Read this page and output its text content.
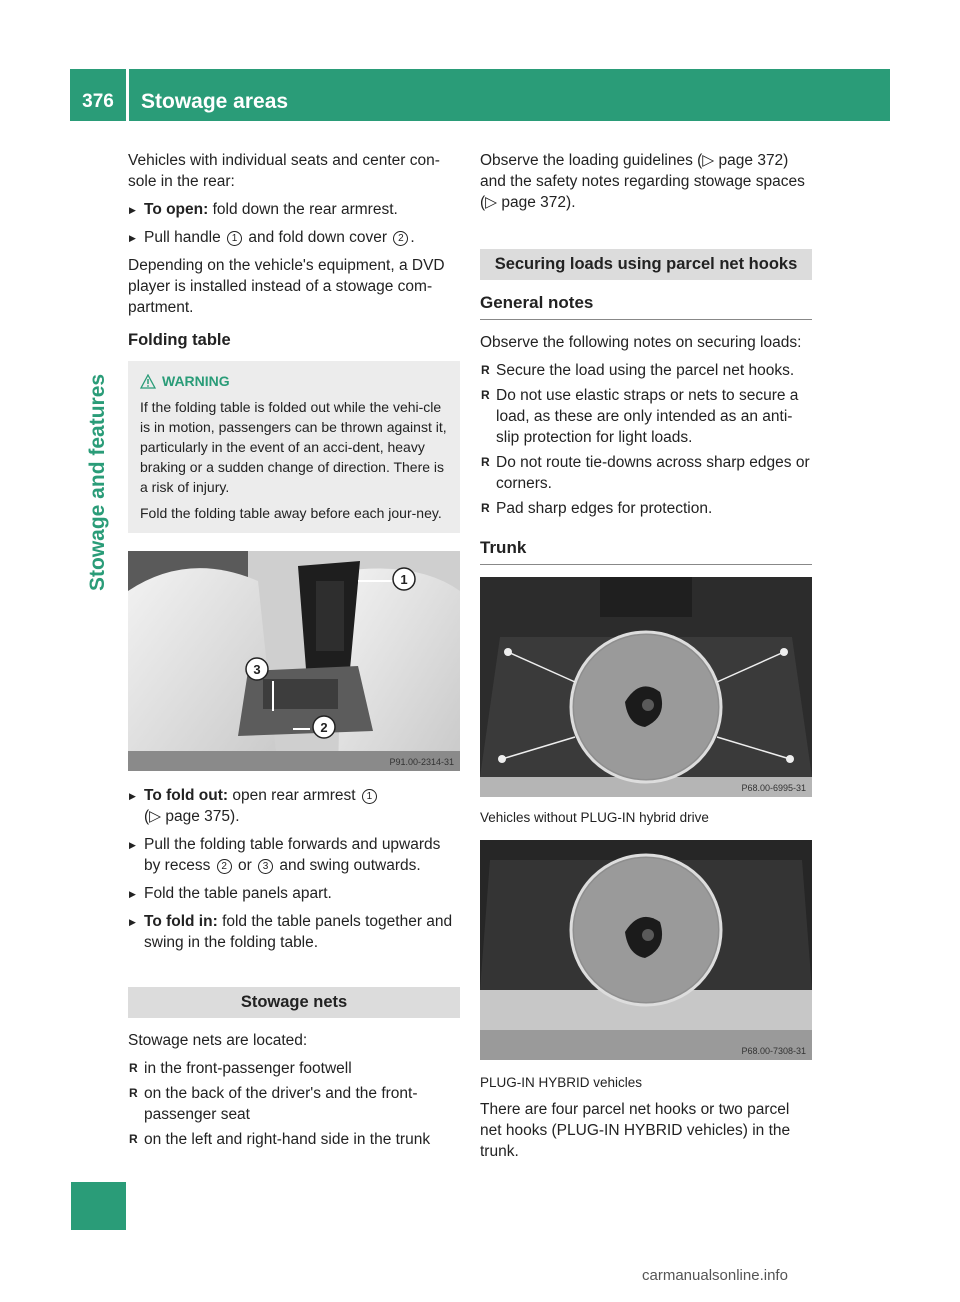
376	Stowage areas
Stowage and features

Vehicles with individual seats and center con-sole in the rear:

▶ To open: fold down the rear armrest.
▶ Pull handle 1 and fold down cover 2 .

Depending on the vehicle's equipment, a DVD player is installed instead of a stowage com-partment.

Folding table
WARNING

If the folding table is folded out while the vehi-cle is in motion, passengers can be thrown against it, particularly in the event of an acci-dent, heavy braking or a sudden change of direction. There is a risk of injury.

Fold the folding table away before each jour-ney.

1
2
3
P91.00-2314-31
▶ To fold out: open rear armrest 1
(▷ page 375).
▶ Pull the folding table forwards and upwards by recess 2 or 3 and swing outwards.
▶ Fold the table panels apart.
▶ To fold in: fold the table panels together and swing in the folding table.
Stowage nets

Stowage nets are located:

R in the front-passenger footwell
R on the back of the driver's and the front-passenger seat
R on the left and right-hand side in the trunk

Observe the loading guidelines (▷ page 372) and the safety notes regarding stowage spaces (▷ page 372).

Securing loads using parcel net hooks
General notes

Observe the following notes on securing loads:

R Secure the load using the parcel net hooks.
R Do not use elastic straps or nets to secure a load, as these are only intended as an anti-slip protection for light loads.
R Do not route tie-downs across sharp edges or corners.
R Pad sharp edges for protection.
Trunk
P68.00-6995-31
Vehicles without PLUG-IN hybrid drive
P68.00-7308-31
PLUG-IN HYBRID vehicles

There are four parcel net hooks or two parcel net hooks (PLUG-IN HYBRID vehicles) in the trunk.

carmanualsonline.info
